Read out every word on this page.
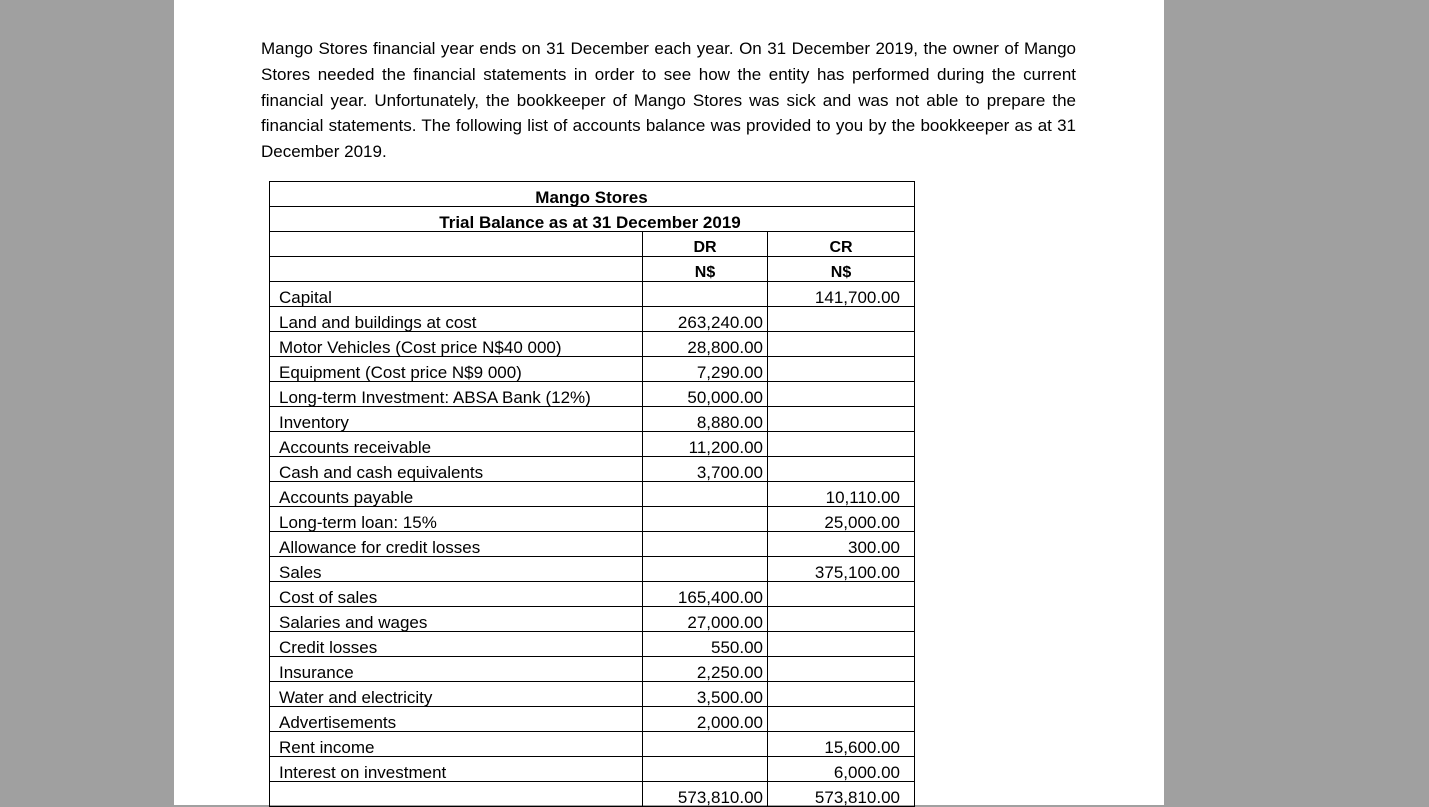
Mango Stores financial year ends on 31 December each year. On 31 December 2019, the owner of Mango Stores needed the financial statements in order to see how the entity has performed during the current financial year. Unfortunately, the bookkeeper of Mango Stores was sick and was not able to prepare the financial statements. The following list of accounts balance was provided to you by the bookkeeper as at 31 December 2019.

Mango Stores		
Trial Balance as at 31 December 2019		
	DR	CR
	N$	N$
Capital		141,700.00
Land and buildings at cost	263,240.00	
Motor Vehicles (Cost price N$40 000)	28,800.00	
Equipment (Cost price N$9 000)	7,290.00	
Long-term Investment: ABSA Bank (12%)	50,000.00	
Inventory	8,880.00	
Accounts receivable	11,200.00	
Cash and cash equivalents	3,700.00	
Accounts payable		10,110.00
Long-term loan: 15%		25,000.00
Allowance for credit losses		300.00
Sales		375,100.00
Cost of sales	165,400.00	
Salaries and wages	27,000.00	
Credit losses	550.00	
Insurance	2,250.00	
Water and electricity	3,500.00	
Advertisements	2,000.00	
Rent income		15,600.00
Interest on investment		6,000.00
	573,810.00	573,810.00
